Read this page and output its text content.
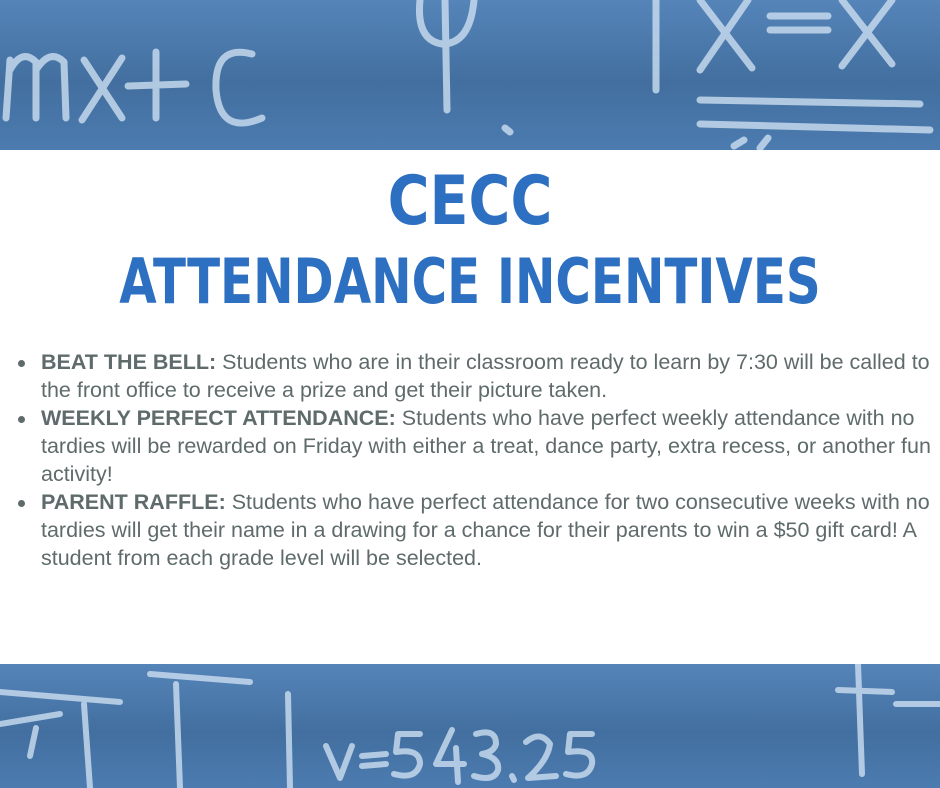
CECC
ATTENDANCE INCENTIVES
BEAT THE BELL: Students who are in their classroom ready to learn by 7:30 will be called to the front office to receive a prize and get their picture taken.
WEEKLY PERFECT ATTENDANCE: Students who have perfect weekly attendance with no tardies will be rewarded on Friday with either a treat, dance party, extra recess, or another fun activity!
PARENT RAFFLE: Students who have perfect attendance for two consecutive weeks with no tardies will get their name in a drawing for a chance for their parents to win a $50 gift card! A student from each grade level will be selected.
